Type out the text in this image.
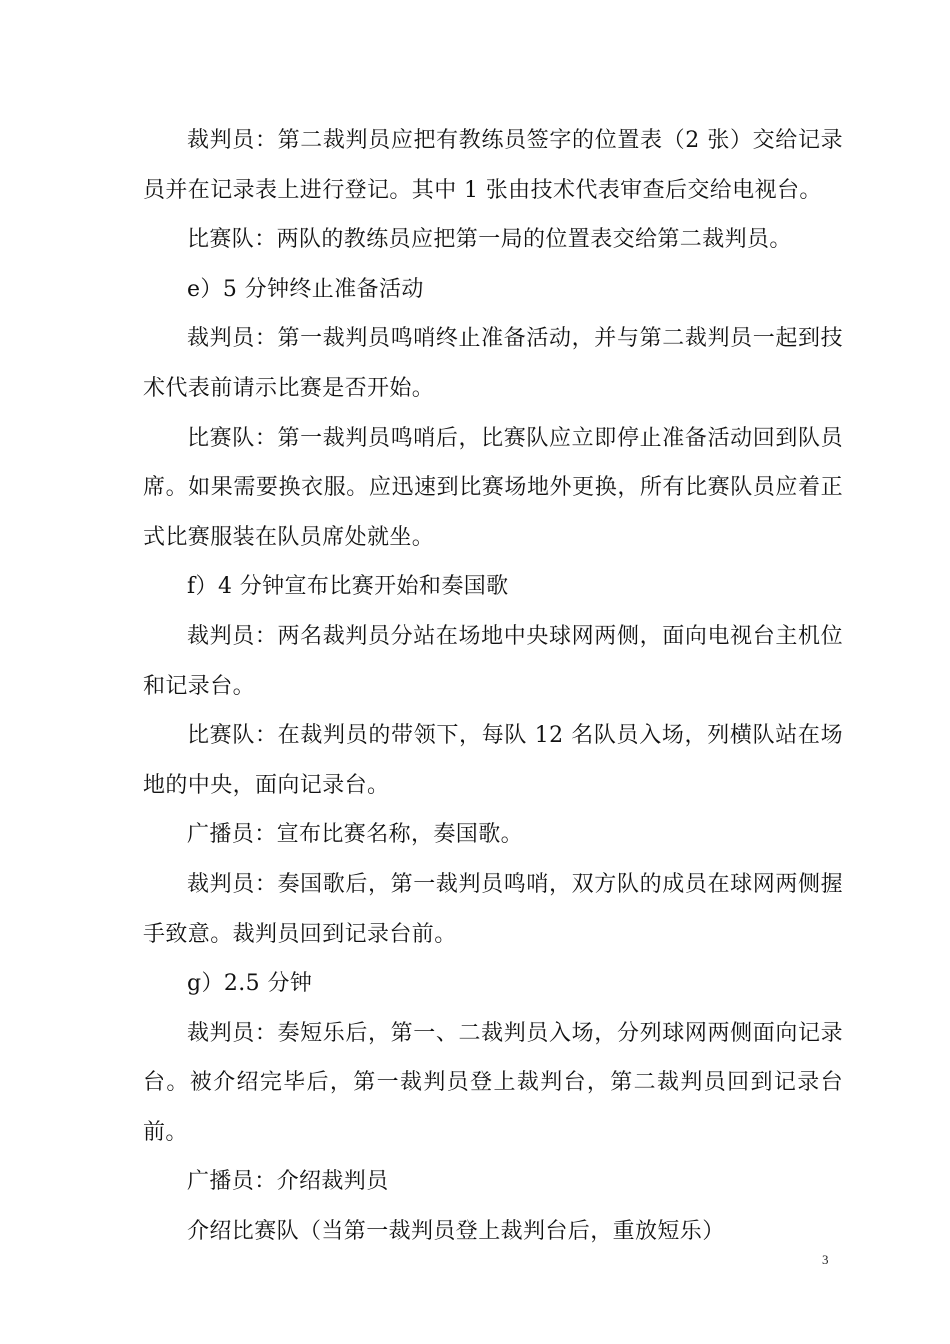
裁判员：第二裁判员应把有教练员签字的位置表（2 张）交给记录员并在记录表上进行登记。其中 1 张由技术代表审查后交给电视台。

比赛队：两队的教练员应把第一局的位置表交给第二裁判员。

e）5 分钟终止准备活动

裁判员：第一裁判员鸣哨终止准备活动，并与第二裁判员一起到技术代表前请示比赛是否开始。

比赛队：第一裁判员鸣哨后，比赛队应立即停止准备活动回到队员席。如果需要换衣服。应迅速到比赛场地外更换，所有比赛队员应着正式比赛服装在队员席处就坐。

f）4 分钟宣布比赛开始和奏国歌

裁判员：两名裁判员分站在场地中央球网两侧，面向电视台主机位和记录台。

比赛队：在裁判员的带领下，每队 12 名队员入场，列横队站在场地的中央，面向记录台。

广播员：宣布比赛名称，奏国歌。

裁判员：奏国歌后，第一裁判员鸣哨，双方队的成员在球网两侧握手致意。裁判员回到记录台前。

g）2.5 分钟

裁判员：奏短乐后，第一、二裁判员入场，分列球网两侧面向记录台。被介绍完毕后，第一裁判员登上裁判台，第二裁判员回到记录台前。

广播员：介绍裁判员

介绍比赛队（当第一裁判员登上裁判台后，重放短乐）

3
